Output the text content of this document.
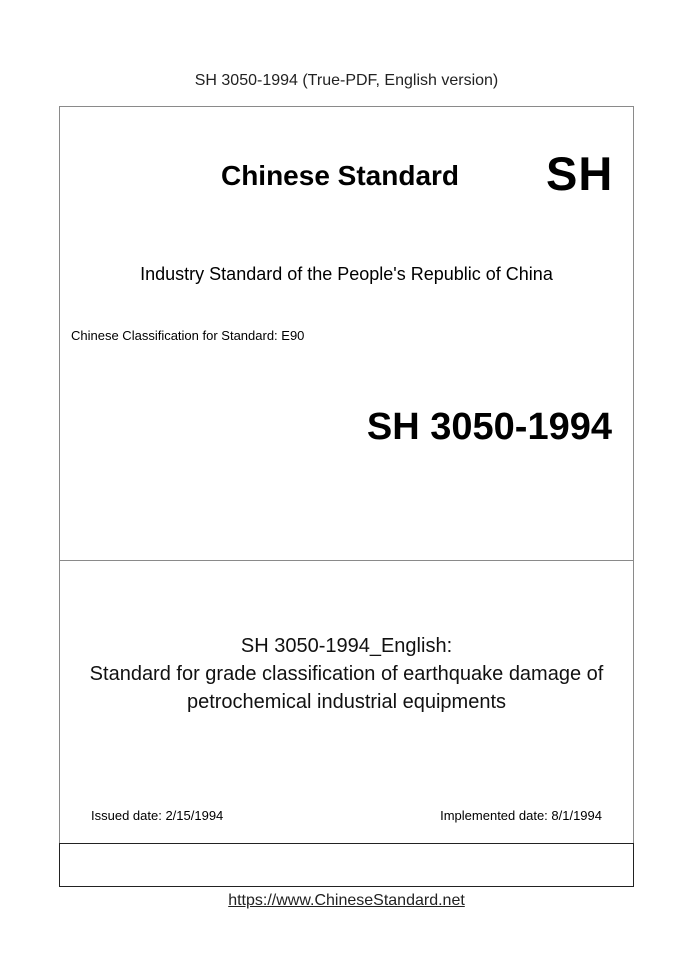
SH 3050-1994 (True-PDF, English version)
Chinese Standard	SH
Industry Standard of the People's Republic of China
Chinese Classification for Standard: E90
SH 3050-1994
SH 3050-1994_English:
Standard for grade classification of earthquake damage of
petrochemical industrial equipments
Issued date: 2/15/1994	Implemented date: 8/1/1994
https://www.ChineseStandard.net
